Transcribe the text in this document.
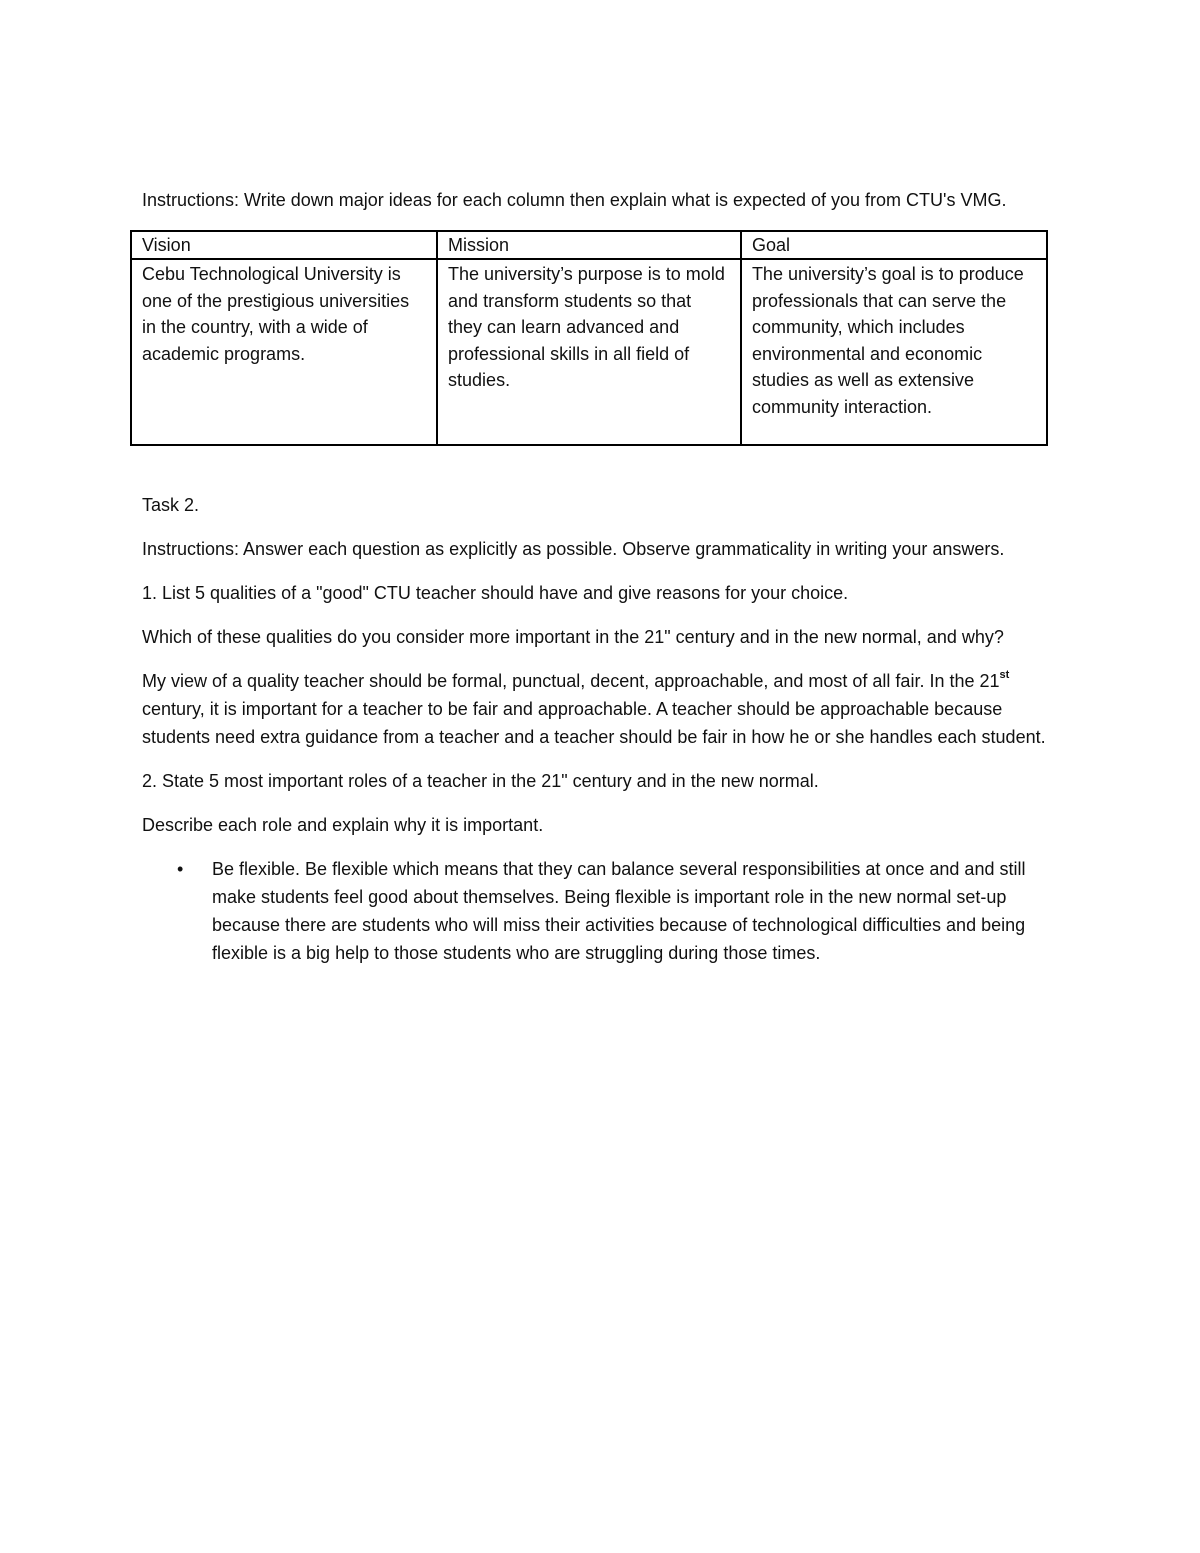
Instructions: Write down major ideas for each column then explain what is expected of you from CTU's VMG.

Vision	Mission	Goal
Cebu Technological University is one of the prestigious universities in the country, with a wide of academic programs.	The university’s purpose is to mold and transform students so that they can learn advanced and professional skills in all field of studies.	The university’s goal is to produce professionals that can serve the community, which includes environmental and economic studies as well as extensive community interaction.

Task 2.

Instructions: Answer each question as explicitly as possible. Observe grammaticality in writing your answers.

1. List 5 qualities of a "good" CTU teacher should have and give reasons for your choice.

Which of these qualities do you consider more important in the 21" century and in the new normal, and why?

My view of a quality teacher should be formal, punctual, decent, approachable, and most of all fair. In the 21st century, it is important for a teacher to be fair and approachable. A teacher should be approachable because students need extra guidance from a teacher and a teacher should be fair in how he or she handles each student.

2. State 5 most important roles of a teacher in the 21" century and in the new normal.

Describe each role and explain why it is important.

• Be flexible. Be flexible which means that they can balance several responsibilities at once and and still make students feel good about themselves. Being flexible is important role in the new normal set-up because there are students who will miss their activities because of technological difficulties and being flexible is a big help to those students who are struggling during those times.
